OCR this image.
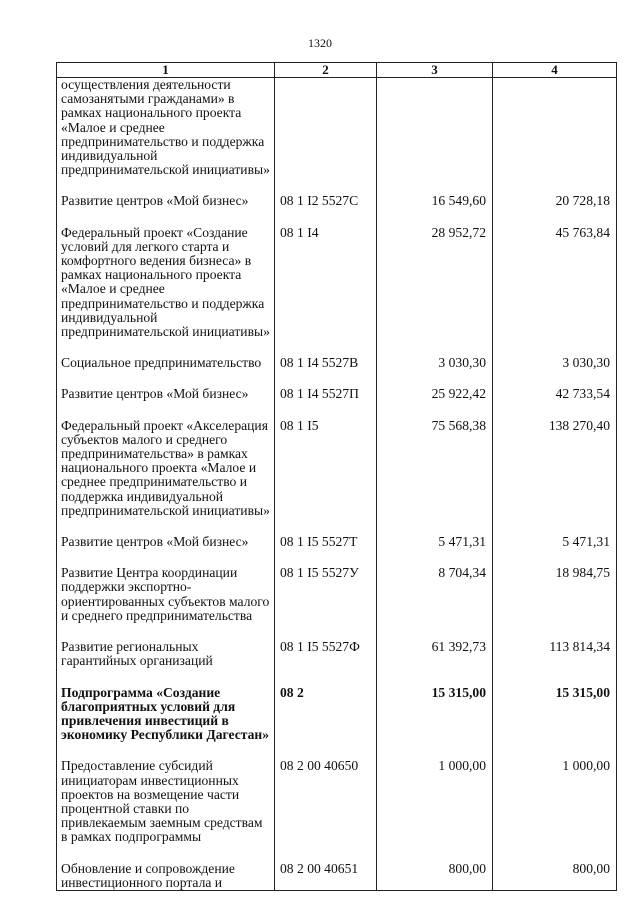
1320
1	2	3	4
осуществления деятельности самозанятыми гражданами» в рамках национального проекта «Малое и среднее предпринимательство и поддержка индивидуальной предпринимательской инициативы»			
Развитие центров «Мой бизнес»	08 1 I2 5527C	16 549,60	20 728,18
Федеральный проект «Создание условий для легкого старта и комфортного ведения бизнеса» в рамках национального проекта «Малое и среднее предпринимательство и поддержка индивидуальной предпринимательской инициативы»	08 1 I4	28 952,72	45 763,84
Социальное предпринимательство	08 1 I4 5527B	3 030,30	3 030,30
Развитие центров «Мой бизнес»	08 1 I4 5527П	25 922,42	42 733,54
Федеральный проект «Акселерация субъектов малого и среднего предпринимательства» в рамках национального проекта «Малое и среднее предпринимательство и поддержка индивидуальной предпринимательской инициативы»	08 1 I5	75 568,38	138 270,40
Развитие центров «Мой бизнес»	08 1 I5 5527T	5 471,31	5 471,31
Развитие Центра координации поддержки экспортно-ориентированных субъектов малого и среднего предпринимательства	08 1 I5 5527У	8 704,34	18 984,75
Развитие региональных гарантийных организаций	08 1 I5 5527Ф	61 392,73	113 814,34
Подпрограмма «Создание благоприятных условий для привлечения инвестиций в экономику Республики Дагестан»	08 2	15 315,00	15 315,00
Предоставление субсидий инициаторам инвестиционных проектов на возмещение части процентной ставки по привлекаемым заемным средствам в рамках подпрограммы	08 2 00 40650	1 000,00	1 000,00
Обновление и сопровождение инвестиционного портала и	08 2 00 40651	800,00	800,00
